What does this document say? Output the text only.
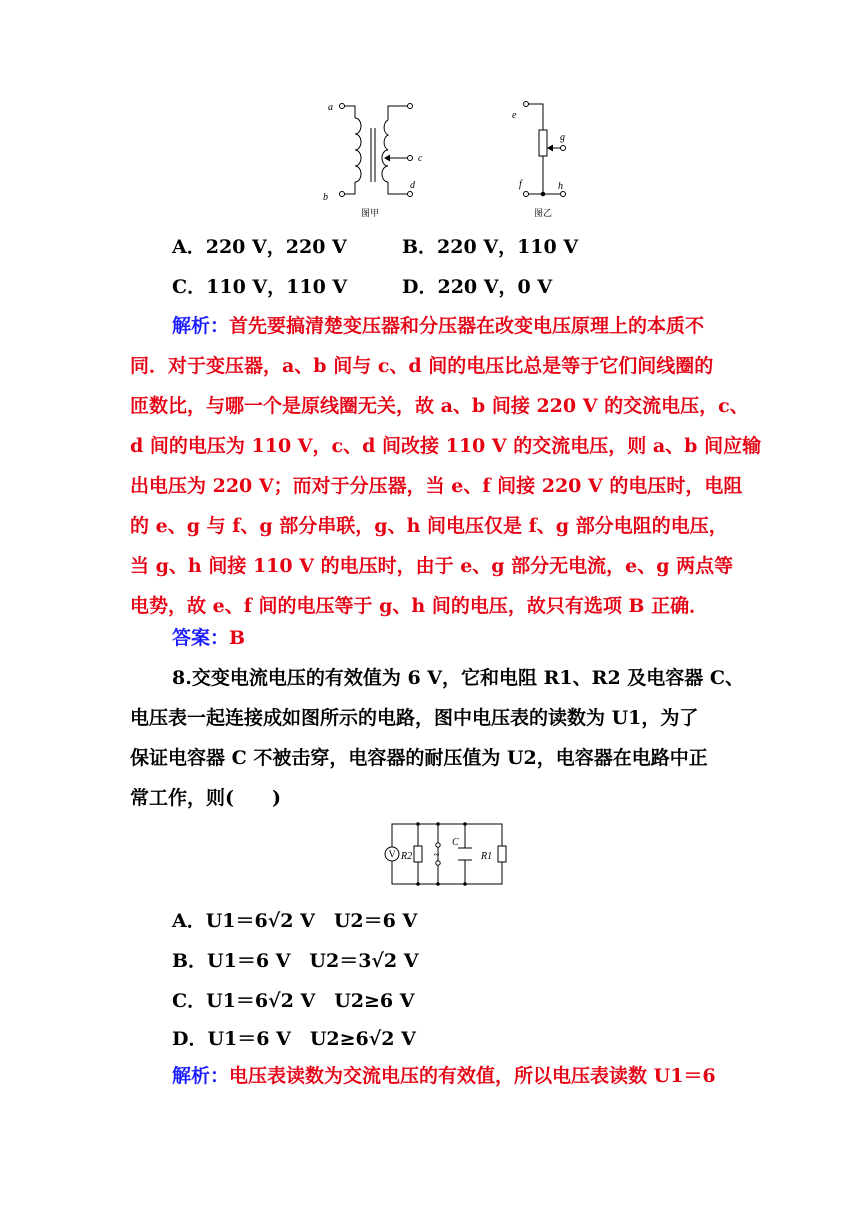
a
b
c
d
e
f
g
h
图甲	图乙
A．220 V，220 V	B．220 V，110 V
C．110 V，110 V	D．220 V，0 V
解析：首先要搞清楚变压器和分压器在改变电压原理上的本质不
同．对于变压器，a、b 间与 c、d 间的电压比总是等于它们间线圈的
匝数比，与哪一个是原线圈无关，故 a、b 间接 220 V 的交流电压，c、
d 间的电压为 110 V，c、d 间改接 110 V 的交流电压，则 a、b 间应输
出电压为 220 V；而对于分压器，当 e、f 间接 220 V 的电压时，电阻
的 e、g 与 f、g 部分串联，g、h 间电压仅是 f、g 部分电阻的电压，
当 g、h 间接 110 V 的电压时，由于 e、g 部分无电流，e、g 两点等
电势，故 e、f 间的电压等于 g、h 间的电压，故只有选项 B 正确．
答案：B
8.交变电流电压的有效值为 6 V，它和电阻 R1、R2 及电容器 C、
电压表一起连接成如图所示的电路，图中电压表的读数为 U1，为了
保证电容器 C 不被击穿，电容器的耐压值为 U2，电容器在电路中正
常工作，则(　　)
V R2
C
R1
~
A．U1＝6√2 V　U2＝6 V
B．U1＝6 V　U2＝3√2 V
C．U1＝6√2 V　U2≥6 V
D．U1＝6 V　U2≥6√2 V
解析：电压表读数为交流电压的有效值，所以电压表读数 U1＝6
